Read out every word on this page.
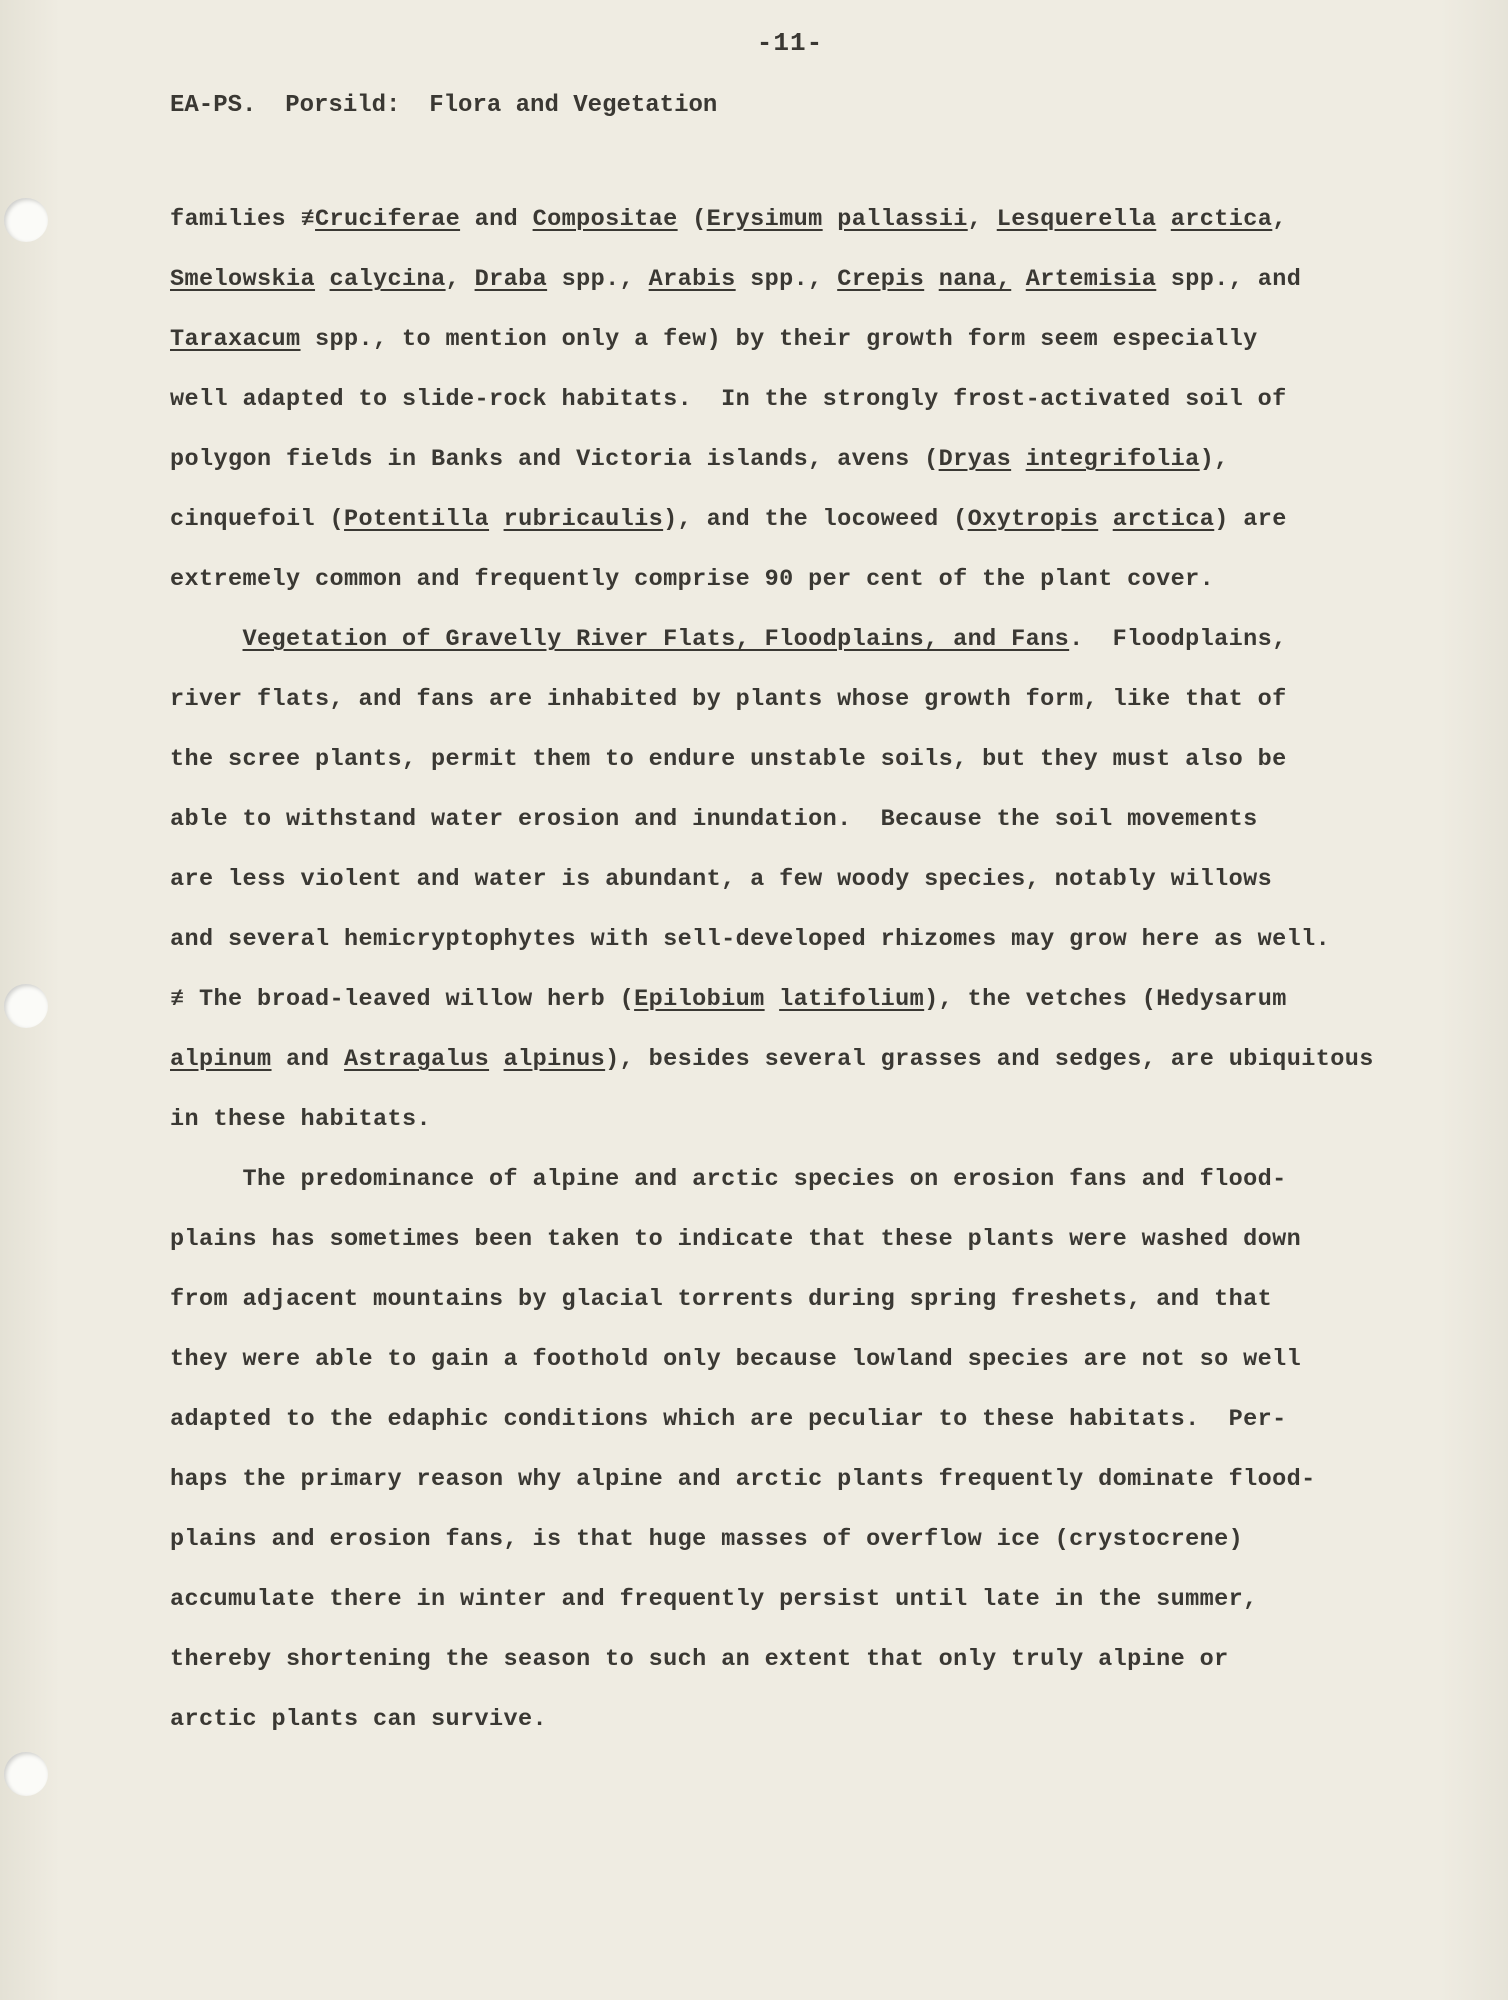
-11-
EA-PS.  Porsild:  Flora and Vegetation
families ≢Cruciferae and Compositae (Erysimum pallassii, Lesquerella arctica,
Smelowskia calycina, Draba spp., Arabis spp., Crepis nana, Artemisia spp., and
Taraxacum spp., to mention only a few) by their growth form seem especially
well adapted to slide-rock habitats.  In the strongly frost-activated soil of
polygon fields in Banks and Victoria islands, avens (Dryas integrifolia),
cinquefoil (Potentilla rubricaulis), and the locoweed (Oxytropis arctica) are
extremely common and frequently comprise 90 per cent of the plant cover.
Vegetation of Gravelly River Flats, Floodplains, and Fans.  Floodplains,
river flats, and fans are inhabited by plants whose growth form, like that of
the scree plants, permit them to endure unstable soils, but they must also be
able to withstand water erosion and inundation.  Because the soil movements
are less violent and water is abundant, a few woody species, notably willows
and several hemicryptophytes with sell-developed rhizomes may grow here as well.
≢ The broad-leaved willow herb (Epilobium latifolium), the vetches (Hedysarum
alpinum and Astragalus alpinus), besides several grasses and sedges, are ubiquitous
in these habitats.
The predominance of alpine and arctic species on erosion fans and flood-
plains has sometimes been taken to indicate that these plants were washed down
from adjacent mountains by glacial torrents during spring freshets, and that
they were able to gain a foothold only because lowland species are not so well
adapted to the edaphic conditions which are peculiar to these habitats.  Per-
haps the primary reason why alpine and arctic plants frequently dominate flood-
plains and erosion fans, is that huge masses of overflow ice (crystocrene)
accumulate there in winter and frequently persist until late in the summer,
thereby shortening the season to such an extent that only truly alpine or
arctic plants can survive.
